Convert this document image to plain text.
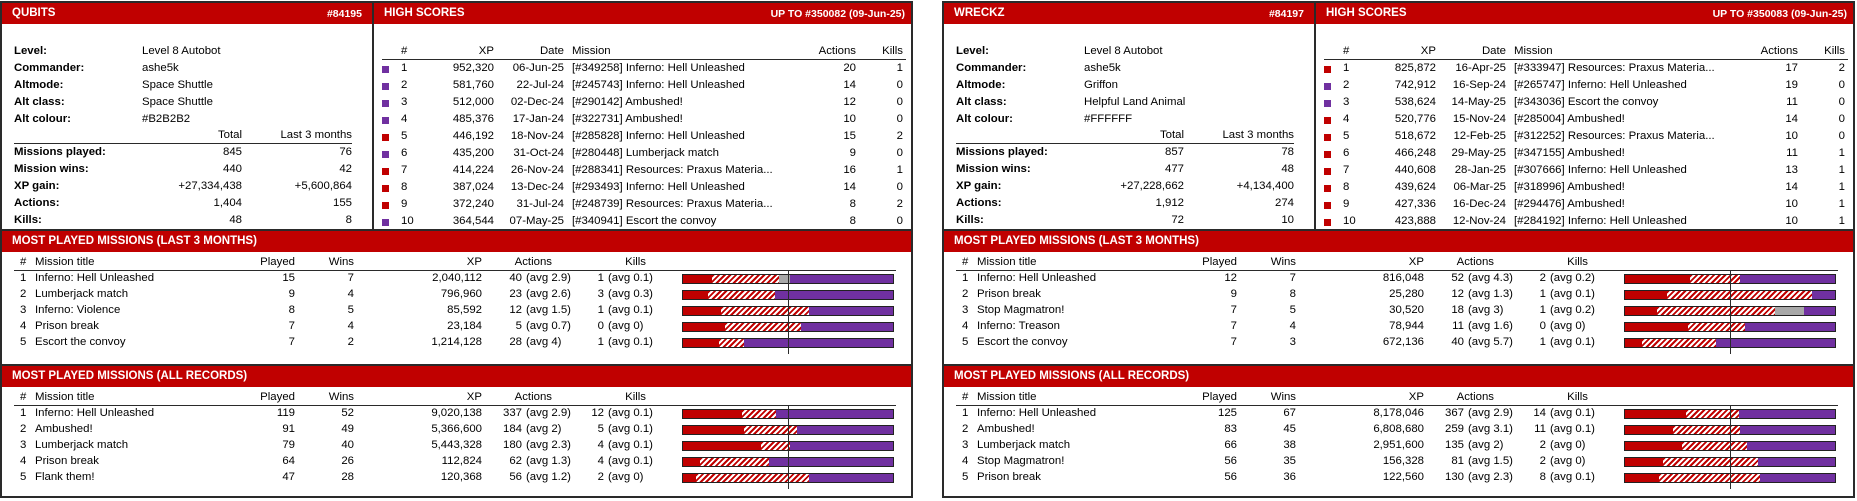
QUBITS	#84195 HIGH SCORES	UP TO #350082 (09-Jun-25)
Level:	Level 8 Autobot
Commander:	ashe5k
Altmode:	Space Shuttle
Alt class:	Space Shuttle
Alt colour:	#B2B2B2
Total	Last 3 months
Missions played:	845	76
Mission wins:	440	42
XP gain:	+27,334,438	+5,600,864
Actions:	1,404	155
Kills:	48	8
#	XP	Date Mission	Actions	Kills
1	952,320	06-Jun-25 [#349258] Inferno: Hell Unleashed	20	1
2	581,760	22-Jul-24 [#245743] Inferno: Hell Unleashed	14	0
3	512,000	02-Dec-24 [#290142] Ambushed!	12	0
4	485,376	17-Jan-24 [#322731] Ambushed!	10	0
5	446,192	18-Nov-24 [#285828] Inferno: Hell Unleashed	15	2
6	435,200	31-Oct-24 [#280448] Lumberjack match	9	0
7	414,224	26-Nov-24 [#288341] Resources: Praxus Materia...	16	1
8	387,024	13-Dec-24 [#293493] Inferno: Hell Unleashed	14	0
9	372,240	31-Jul-24 [#248739] Resources: Praxus Materia...	8	2
10	364,544	07-May-25 [#340941] Escort the convoy	8	0
MOST PLAYED MISSIONS (LAST 3 MONTHS)
# Mission title	Played	Wins	XP	Actions	Kills
1 Inferno: Hell Unleashed	15	7	2,040,112	40 (avg 2.9)	1 (avg 0.1)
2 Lumberjack match	9	4	796,960	23 (avg 2.6)	3 (avg 0.3)
3 Inferno: Violence	8	5	85,592	12 (avg 1.5)	1 (avg 0.1)
4 Prison break	7	4	23,184	5 (avg 0.7)	0 (avg 0)
5 Escort the convoy	7	2	1,214,128	28 (avg 4)	1 (avg 0.1)
MOST PLAYED MISSIONS (ALL RECORDS)
# Mission title	Played	Wins	XP	Actions	Kills
1 Inferno: Hell Unleashed	119	52	9,020,138	337 (avg 2.9)	12 (avg 0.1)
2 Ambushed!	91	49	5,366,600	184 (avg 2)	5 (avg 0.1)
3 Lumberjack match	79	40	5,443,328	180 (avg 2.3)	4 (avg 0.1)
4 Prison break	64	26	112,824	62 (avg 1.3)	4 (avg 0.1)
5 Flank them!	47	28	120,368	56 (avg 1.2)	2 (avg 0)
WRECKZ	#84197 HIGH SCORES	UP TO #350083 (09-Jun-25)
Level:	Level 8 Autobot
Commander:	ashe5k
Altmode:	Griffon
Alt class:	Helpful Land Animal
Alt colour:	#FFFFFF
Total	Last 3 months
Missions played:	857	78
Mission wins:	477	48
XP gain:	+27,228,662	+4,134,400
Actions:	1,912	274
Kills:	72	10
#	XP	Date Mission	Actions	Kills
1	825,872	16-Apr-25 [#333947] Resources: Praxus Materia...	17	2
2	742,912	16-Sep-24 [#265747] Inferno: Hell Unleashed	19	0
3	538,624	14-May-25 [#343036] Escort the convoy	11	0
4	520,776	15-Nov-24 [#285004] Ambushed!	14	0
5	518,672	12-Feb-25 [#312252] Resources: Praxus Materia...	10	0
6	466,248	29-May-25 [#347155] Ambushed!	11	1
7	440,608	28-Jan-25 [#307666] Inferno: Hell Unleashed	13	1
8	439,624	06-Mar-25 [#318996] Ambushed!	14	1
9	427,336	16-Dec-24 [#294476] Ambushed!	10	1
10	423,888	12-Nov-24 [#284192] Inferno: Hell Unleashed	10	1
MOST PLAYED MISSIONS (LAST 3 MONTHS)
# Mission title	Played	Wins	XP	Actions	Kills
1 Inferno: Hell Unleashed	12	7	816,048	52 (avg 4.3)	2 (avg 0.2)
2 Prison break	9	8	25,280	12 (avg 1.3)	1 (avg 0.1)
3 Stop Magmatron!	7	5	30,520	18 (avg 3)	1 (avg 0.2)
4 Inferno: Treason	7	4	78,944	11 (avg 1.6)	0 (avg 0)
5 Escort the convoy	7	3	672,136	40 (avg 5.7)	1 (avg 0.1)
MOST PLAYED MISSIONS (ALL RECORDS)
# Mission title	Played	Wins	XP	Actions	Kills
1 Inferno: Hell Unleashed	125	67	8,178,046	367 (avg 2.9)	14 (avg 0.1)
2 Ambushed!	83	45	6,808,680	259 (avg 3.1)	11 (avg 0.1)
3 Lumberjack match	66	38	2,951,600	135 (avg 2)	2 (avg 0)
4 Stop Magmatron!	56	35	156,328	81 (avg 1.5)	2 (avg 0)
5 Prison break	56	36	122,560	130 (avg 2.3)	8 (avg 0.1)
